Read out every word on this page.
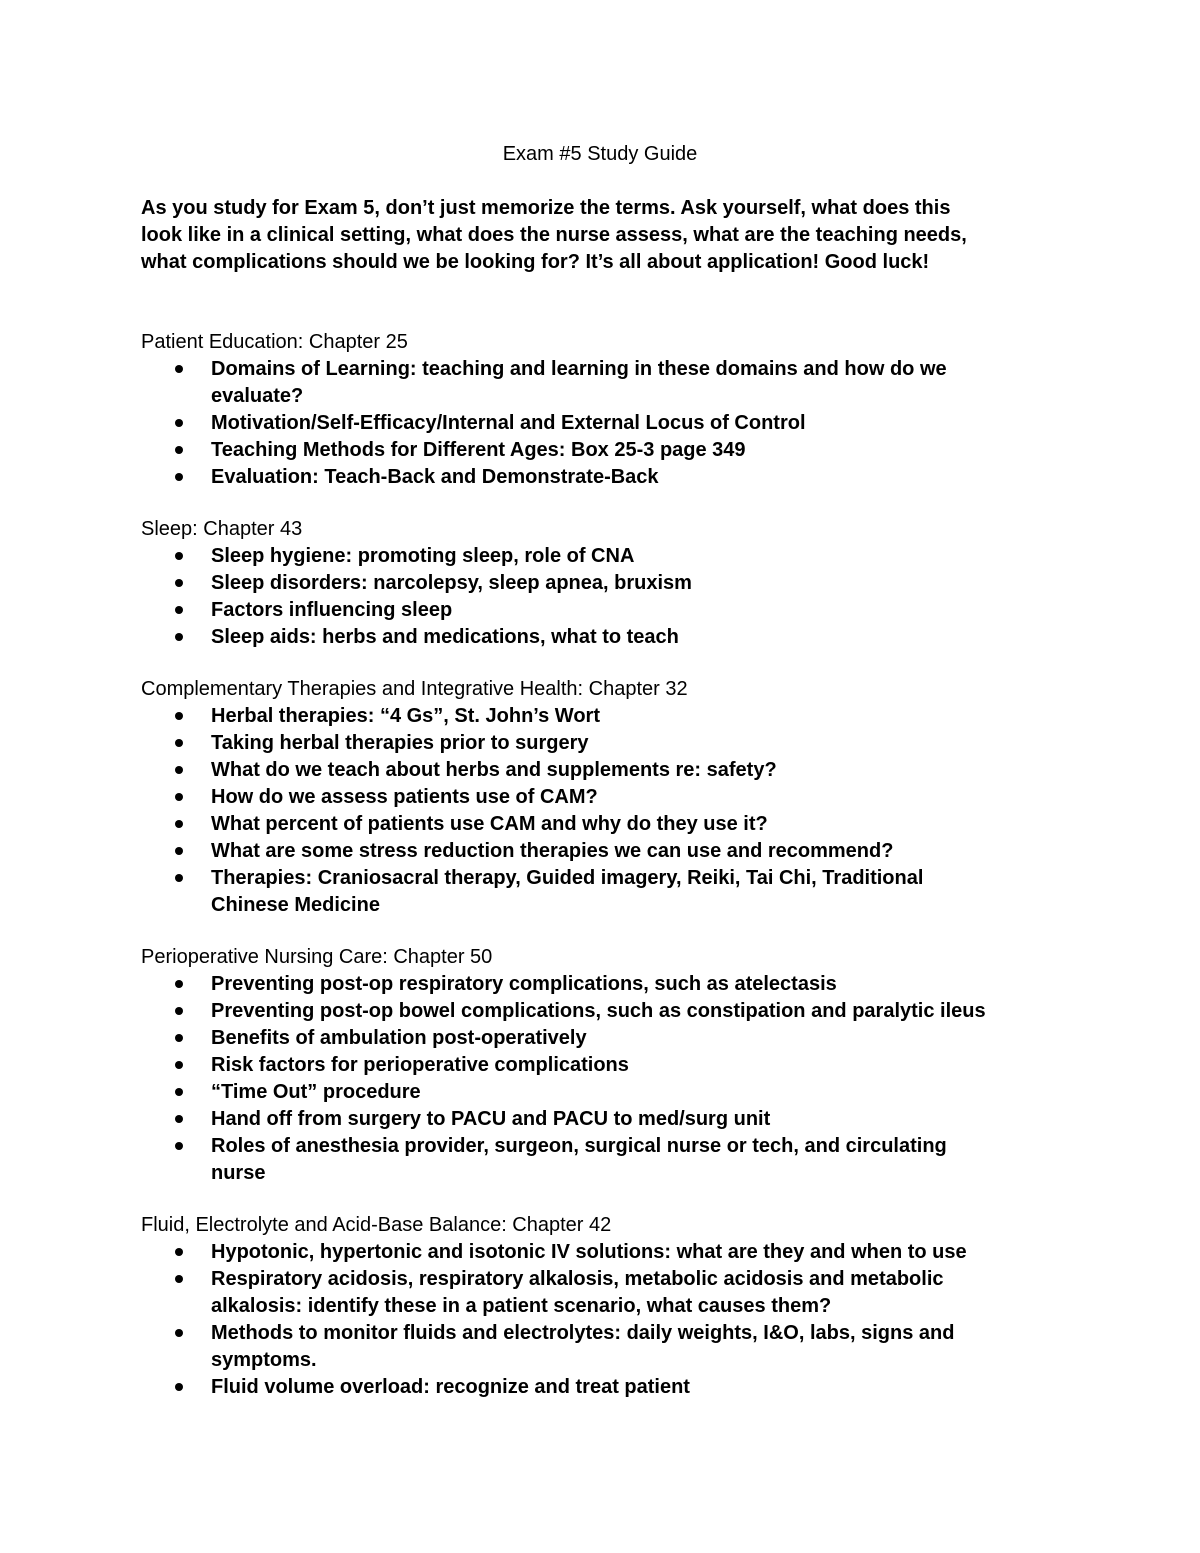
Exam #5 Study Guide
As you study for Exam 5, don’t just memorize the terms. Ask yourself, what does this
look like in a clinical setting, what does the nurse assess, what are the teaching needs,
what complications should we be looking for? It’s all about application! Good luck!
Patient Education: Chapter 25
Domains of Learning: teaching and learning in these domains and how do we
evaluate?
Motivation/Self-Efficacy/Internal and External Locus of Control
Teaching Methods for Different Ages: Box 25-3 page 349
Evaluation: Teach-Back and Demonstrate-Back
Sleep: Chapter 43
Sleep hygiene: promoting sleep, role of CNA
Sleep disorders: narcolepsy, sleep apnea, bruxism
Factors influencing sleep
Sleep aids: herbs and medications, what to teach
Complementary Therapies and Integrative Health: Chapter 32
Herbal therapies: “4 Gs”, St. John’s Wort
Taking herbal therapies prior to surgery
What do we teach about herbs and supplements re: safety?
How do we assess patients use of CAM?
What percent of patients use CAM and why do they use it?
What are some stress reduction therapies we can use and recommend?
Therapies: Craniosacral therapy, Guided imagery, Reiki, Tai Chi, Traditional
Chinese Medicine
Perioperative Nursing Care: Chapter 50
Preventing post-op respiratory complications, such as atelectasis
Preventing post-op bowel complications, such as constipation and paralytic ileus
Benefits of ambulation post-operatively
Risk factors for perioperative complications
“Time Out” procedure
Hand off from surgery to PACU and PACU to med/surg unit
Roles of anesthesia provider, surgeon, surgical nurse or tech, and circulating
nurse
Fluid, Electrolyte and Acid-Base Balance: Chapter 42
Hypotonic, hypertonic and isotonic IV solutions: what are they and when to use
Respiratory acidosis, respiratory alkalosis, metabolic acidosis and metabolic
alkalosis: identify these in a patient scenario, what causes them?
Methods to monitor fluids and electrolytes: daily weights, I&O, labs, signs and
symptoms.
Fluid volume overload: recognize and treat patient
